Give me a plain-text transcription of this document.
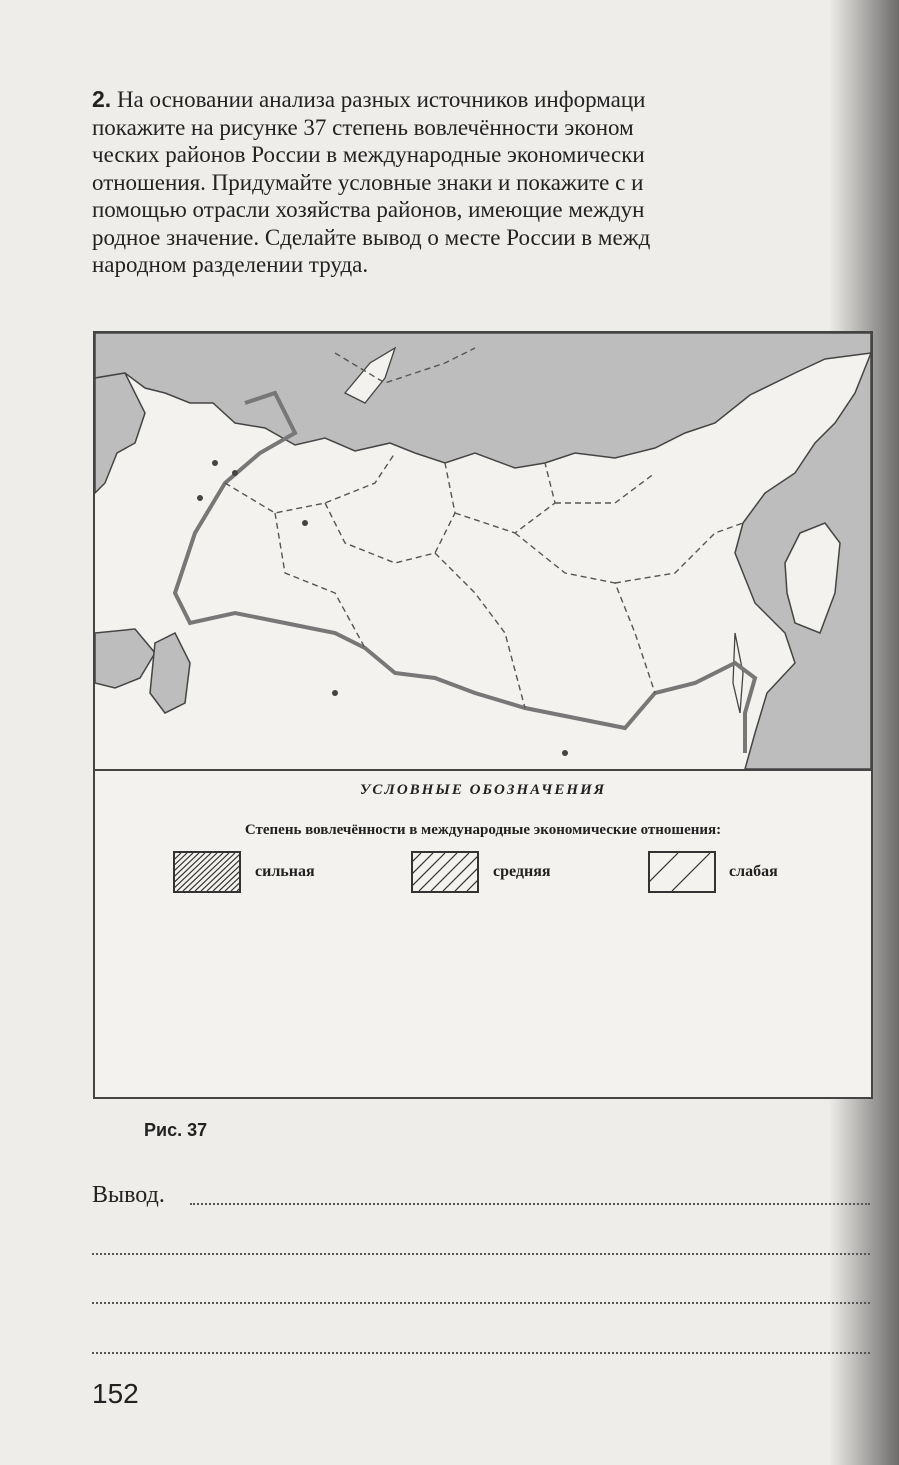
2. На основании анализа разных источников информаци
покажите на рисунке 37 степень вовлечённости эконом
ческих районов России в международные экономически
отношения. Придумайте условные знаки и покажите с и
помощью отрасли хозяйства районов, имеющие междун
родное значение. Сделайте вывод о месте России в межд
народном разделении труда.
УСЛОВНЫЕ ОБОЗНАЧЕНИЯ
Степень вовлечённости в международные экономические отношения:
сильная	средняя	слабая
Рис. 37
Вывод.
152
